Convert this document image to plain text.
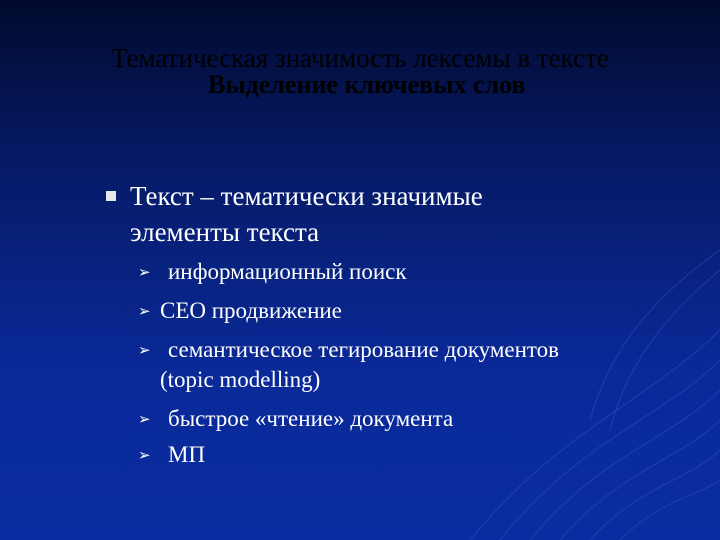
Тематическая значимость лексемы в тексте
Выделение ключевых слов
Текст – тематически значимые
элементы текста
➢ информационный поиск
➢ СЕО продвижение
➢ семантическое тегирование документов
(topic modelling)
➢ быстрое «чтение» документа
➢ МП
